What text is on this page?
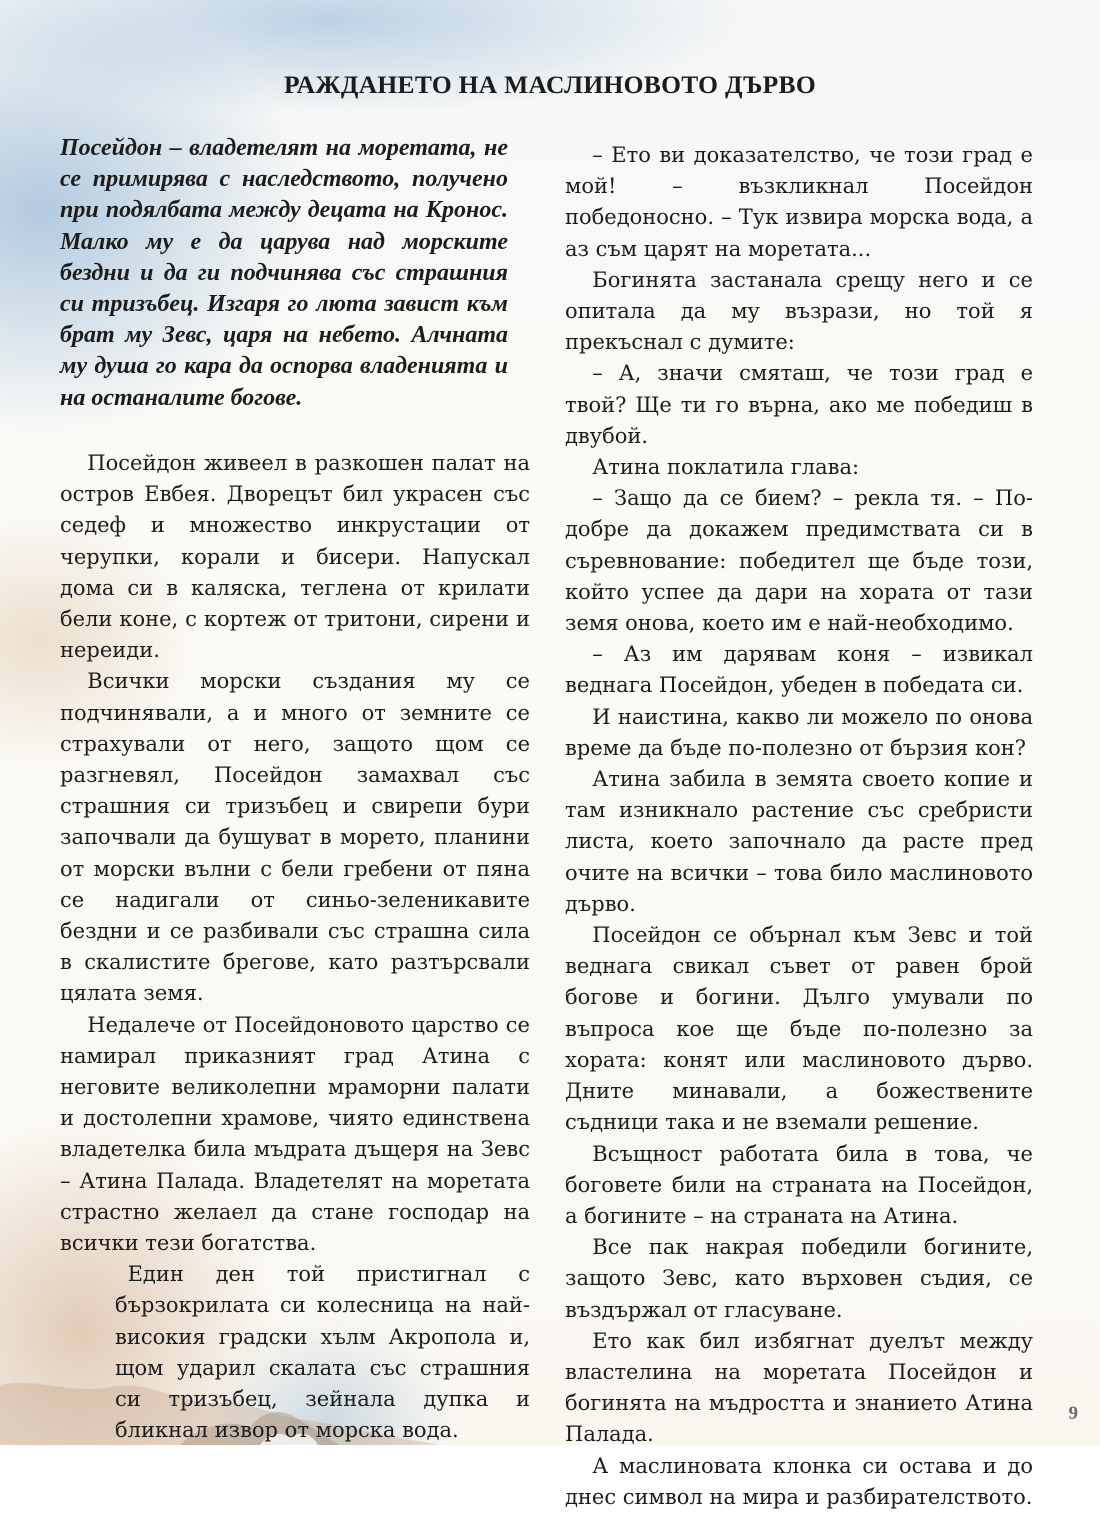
РАЖДАНЕТО НА МАСЛИНОВОТО ДЪРВО

Посейдон – владетелят на моретата, не се примирява с наследството, получено при подялбата между децата на Кронос. Малко му е да царува над морските бездни и да ги подчинява със страшния си тризъбец. Изгаря го люта завист към брат му Зевс, царя на небето. Алчната му душа го кара да оспорва владенията и на останалите богове.

Посейдон живеел в разкошен палат на остров Евбея. Дворецът бил украсен със седеф и множество инкрустации от черупки, корали и бисери. Напускал дома си в каляска, теглена от крилати бели коне, с кортеж от тритони, сирени и нереиди.

Всички морски създания му се подчинявали, а и много от земните се страхували от него, защото щом се разгневял, Посейдон замахвал със страшния си тризъбец и свирепи бури започвали да бушуват в морето, планини от морски вълни с бели гребени от пяна се надигали от синьо-зеленикавите бездни и се разбивали със страшна сила в скалистите брегове, като разтърсвали цялата земя.

Недалече от Посейдоновото царство се намирал приказният град Атина с неговите великолепни мраморни палати и достолепни храмове, чиято единствена владетелка била мъдрата дъщеря на Зевс – Атина Палада. Владетелят на моретата страстно желаел да стане господар на всички тези богатства.

Един ден той пристигнал с бързокрилата си колесница на най-високия градски хълм Акропола и, щом ударил скалата със страшния си тризъбец, зейнала дупка и бликнал извор от морска вода.

– Ето ви доказателство, че този град е мой! – възкликнал Посейдон победоносно. – Тук извира морска вода, а аз съм царят на моретата...

Богинята застанала срещу него и се опитала да му възрази, но той я прекъснал с думите:

– А, значи смяташ, че този град е твой? Ще ти го върна, ако ме победиш в двубой.

Атина поклатила глава:

– Защо да се бием? – рекла тя. – По-добре да докажем предимствата си в съревнование: победител ще бъде този, който успее да дари на хората от тази земя онова, което им е най-необходимо.

– Аз им дарявам коня – извикал веднага Посейдон, убеден в победата си.

И наистина, какво ли можело по онова време да бъде по-полезно от бързия кон?

Атина забила в земята своето копие и там изникнало растение със сребристи листа, което започнало да расте пред очите на всички – това било маслиновото дърво.

Посейдон се обърнал към Зевс и той веднага свикал съвет от равен брой богове и богини. Дълго умували по въпроса кое ще бъде по-полезно за хората: конят или маслиновото дърво. Дните минавали, а божествените съдници така и не вземали решение.

Всъщност работата била в това, че боговете били на страната на Посейдон, а богините – на страната на Атина.

Все пак накрая победили богините, защото Зевс, като върховен съдия, се въздържал от гласуване.

Ето как бил избягнат дуелът между властелина на моретата Посейдон и богинята на мъдростта и знанието Атина Палада.

А маслиновата клонка си остава и до днес символ на мира и разбирателството.

9
